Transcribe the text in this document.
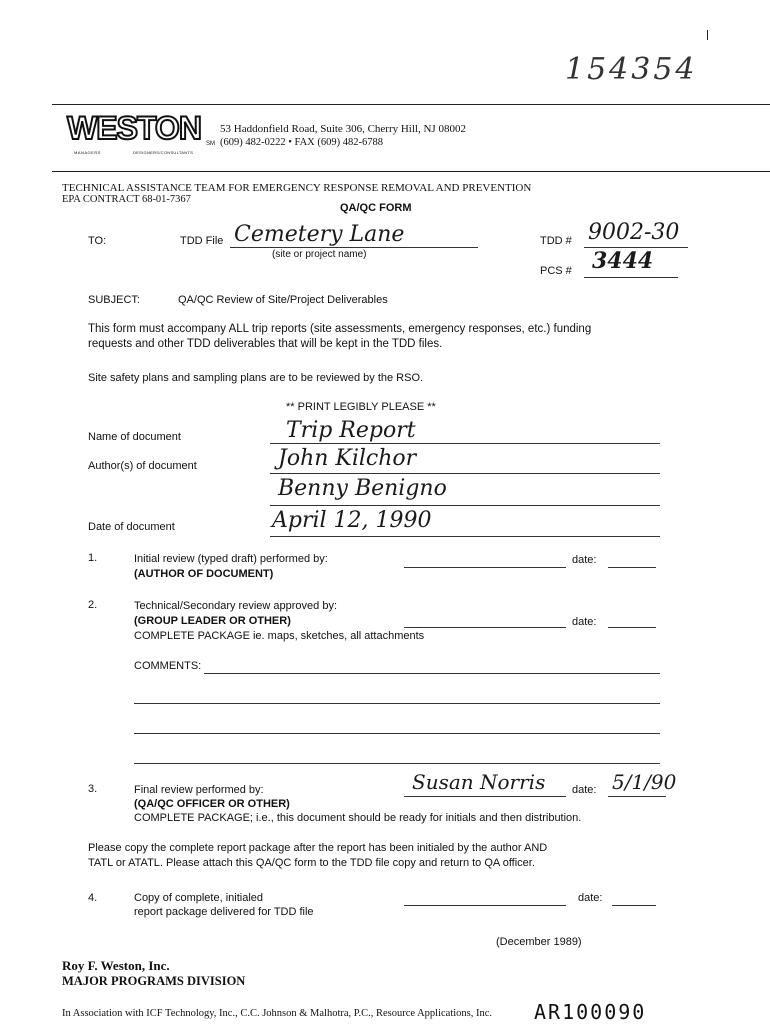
154354
WESTON
MANAGERS	DESIGNERS/CONSULTANTS
SM
53 Haddonfield Road, Suite 306, Cherry Hill, NJ 08002
(609) 482-0222 • FAX (609) 482-6788
TECHNICAL ASSISTANCE TEAM FOR EMERGENCY RESPONSE REMOVAL AND PREVENTION
EPA CONTRACT 68-01-7367
QA/QC FORM
TO:	TDD File Cemetery Lane
(site or project name)
TDD # 9002-30
PCS # 3444
SUBJECT:	QA/QC Review of Site/Project Deliverables
This form must accompany ALL trip reports (site assessments, emergency responses, etc.) funding
requests and other TDD deliverables that will be kept in the TDD files.
Site safety plans and sampling plans are to be reviewed by the RSO.
** PRINT LEGIBLY PLEASE **
Name of document	Trip Report
Author(s) of document	John Kilchor
Benny Benigno
Date of document	April 12, 1990
1.	Initial review (typed draft) performed by:
(AUTHOR OF DOCUMENT)
date:
2.	Technical/Secondary review approved by:
(GROUP LEADER OR OTHER)
COMPLETE PACKAGE ie. maps, sketches, all attachments
date:
COMMENTS:
3.	Final review performed by:
(QA/QC OFFICER OR OTHER)
COMPLETE PACKAGE; i.e., this document should be ready for initials and then distribution.
Susan Norris date: 5/1/90
Please copy the complete report package after the report has been initialed by the author AND
TATL or ATATL. Please attach this QA/QC form to the TDD file copy and return to QA officer.
4.	Copy of complete, initialed
report package delivered for TDD file
date:
(December 1989)
Roy F. Weston, Inc.
MAJOR PROGRAMS DIVISION
In Association with ICF Technology, Inc., C.C. Johnson & Malhotra, P.C., Resource Applications, Inc. AR100090
